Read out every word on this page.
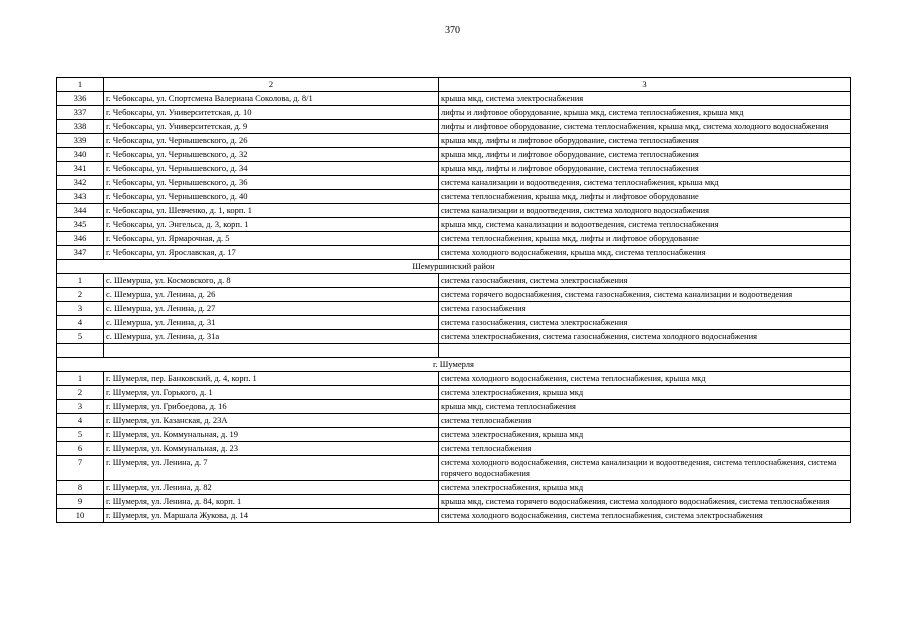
370
1	2	3
336	г. Чебоксары, ул. Спортсмена Валериана Соколова, д. 8/1	крыша мкд, система электроснабжения
337	г. Чебоксары, ул. Университетская, д. 10	лифты и лифтовое оборудование, крыша мкд, система теплоснабжения, крыша мкд
338	г. Чебоксары, ул. Университетская, д. 9	лифты и лифтовое оборудование, система теплоснабжения, крыша мкд, система холодного водоснабжения
339	г. Чебоксары, ул. Чернышевского, д. 26	крыша мкд, лифты и лифтовое оборудование, система теплоснабжения
340	г. Чебоксары, ул. Чернышевского, д. 32	крыша мкд, лифты и лифтовое оборудование, система теплоснабжения
341	г. Чебоксары, ул. Чернышевского, д. 34	крыша мкд, лифты и лифтовое оборудование, система теплоснабжения
342	г. Чебоксары, ул. Чернышевского, д. 36	система канализации и водоотведения, система теплоснабжения, крыша мкд
343	г. Чебоксары, ул. Чернышевского, д. 40	система теплоснабжения, крыша мкд, лифты и лифтовое оборудование
344	г. Чебоксары, ул. Шевченко, д. 1, корп. 1	система канализации и водоотведения, система холодного водоснабжения
345	г. Чебоксары, ул. Энгельса, д. 3, корп. 1	крыша мкд, система канализации и водоотведения, система теплоснабжения
346	г. Чебоксары, ул. Ярмарочная, д. 5	система теплоснабжения, крыша мкд, лифты и лифтовое оборудование
347	г. Чебоксары, ул. Ярославская, д. 17	система холодного водоснабжения, крыша мкд, система теплоснабжения
Шемуршинский район		
1	с. Шемурша, ул. Космовского, д. 8	система газоснабжения, система электроснабжения
2	с. Шемурша, ул. Ленина, д. 26	система горячего водоснабжения, система газоснабжения, система канализации и водоотведения
3	с. Шемурша, ул. Ленина, д. 27	система газоснабжения
4	с. Шемурша, ул. Ленина, д. 31	система газоснабжения, система электроснабжения
5	с. Шемурша, ул. Ленина, д. 31а	система электроснабжения, система газоснабжения, система холодного водоснабжения

г. Шумерля		
1	г. Шумерля, пер. Банковский, д. 4, корп. 1	система холодного водоснабжения, система теплоснабжения, крыша мкд
2	г. Шумерля, ул. Горького, д. 1	система электроснабжения, крыша мкд
3	г. Шумерля, ул. Грибоедова, д. 16	крыша мкд, система теплоснабжения
4	г. Шумерля, ул. Казанская, д. 23А	система теплоснабжения
5	г. Шумерля, ул. Коммунальная, д. 19	система электроснабжения, крыша мкд
6	г. Шумерля, ул. Коммунальная, д. 23	система теплоснабжения
7	г. Шумерля, ул. Ленина, д. 7	система холодного водоснабжения, система канализации и водоотведения, система теплоснабжения, система горячего водоснабжения
8	г. Шумерля, ул. Ленина, д. 82	система электроснабжения, крыша мкд
9	г. Шумерля, ул. Ленина, д. 84, корп. 1	крыша мкд, система горячего водоснабжения, система холодного водоснабжения, система теплоснабжения
10	г. Шумерля, ул. Маршала Жукова, д. 14	система холодного водоснабжения, система теплоснабжения, система электроснабжения
